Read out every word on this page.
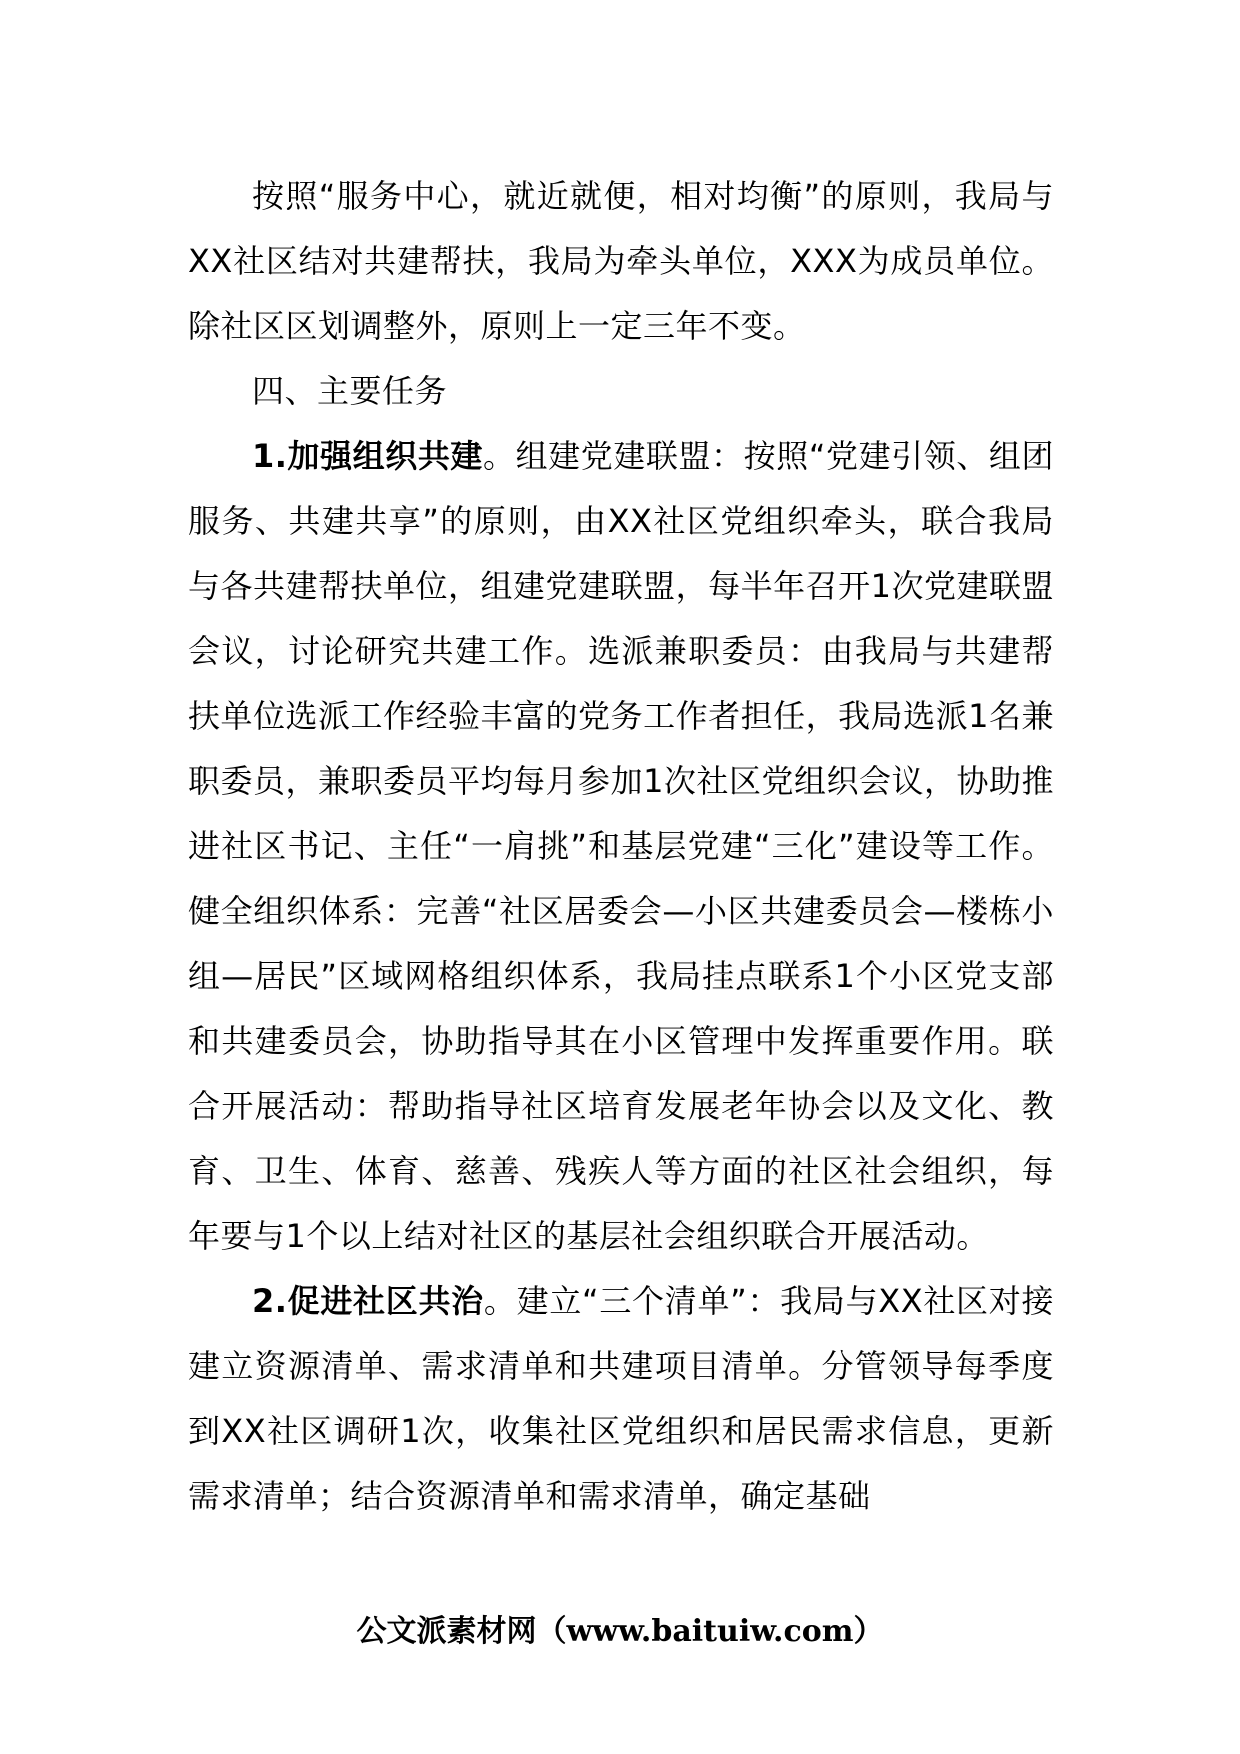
按照“服务中心，就近就便，相对均衡”的原则，我局与XX社区结对共建帮扶，我局为牵头单位，XXX为成员单位。除社区区划调整外，原则上一定三年不变。

四、主要任务

1.加强组织共建。组建党建联盟：按照“党建引领、组团服务、共建共享”的原则，由XX社区党组织牵头，联合我局与各共建帮扶单位，组建党建联盟，每半年召开1次党建联盟会议，讨论研究共建工作。选派兼职委员：由我局与共建帮扶单位选派工作经验丰富的党务工作者担任，我局选派1名兼职委员，兼职委员平均每月参加1次社区党组织会议，协助推进社区书记、主任“一肩挑”和基层党建“三化”建设等工作。健全组织体系：完善“社区居委会—小区共建委员会—楼栋小组—居民”区域网格组织体系，我局挂点联系1个小区党支部和共建委员会，协助指导其在小区管理中发挥重要作用。联合开展活动：帮助指导社区培育发展老年协会以及文化、教育、卫生、体育、慈善、残疾人等方面的社区社会组织，每年要与1个以上结对社区的基层社会组织联合开展活动。

2.促进社区共治。建立“三个清单”：我局与XX社区对接建立资源清单、需求清单和共建项目清单。分管领导每季度到XX社区调研1次，收集社区党组织和居民需求信息，更新需求清单；结合资源清单和需求清单，确定基础

公文派素材网（www.baituiw.com）
